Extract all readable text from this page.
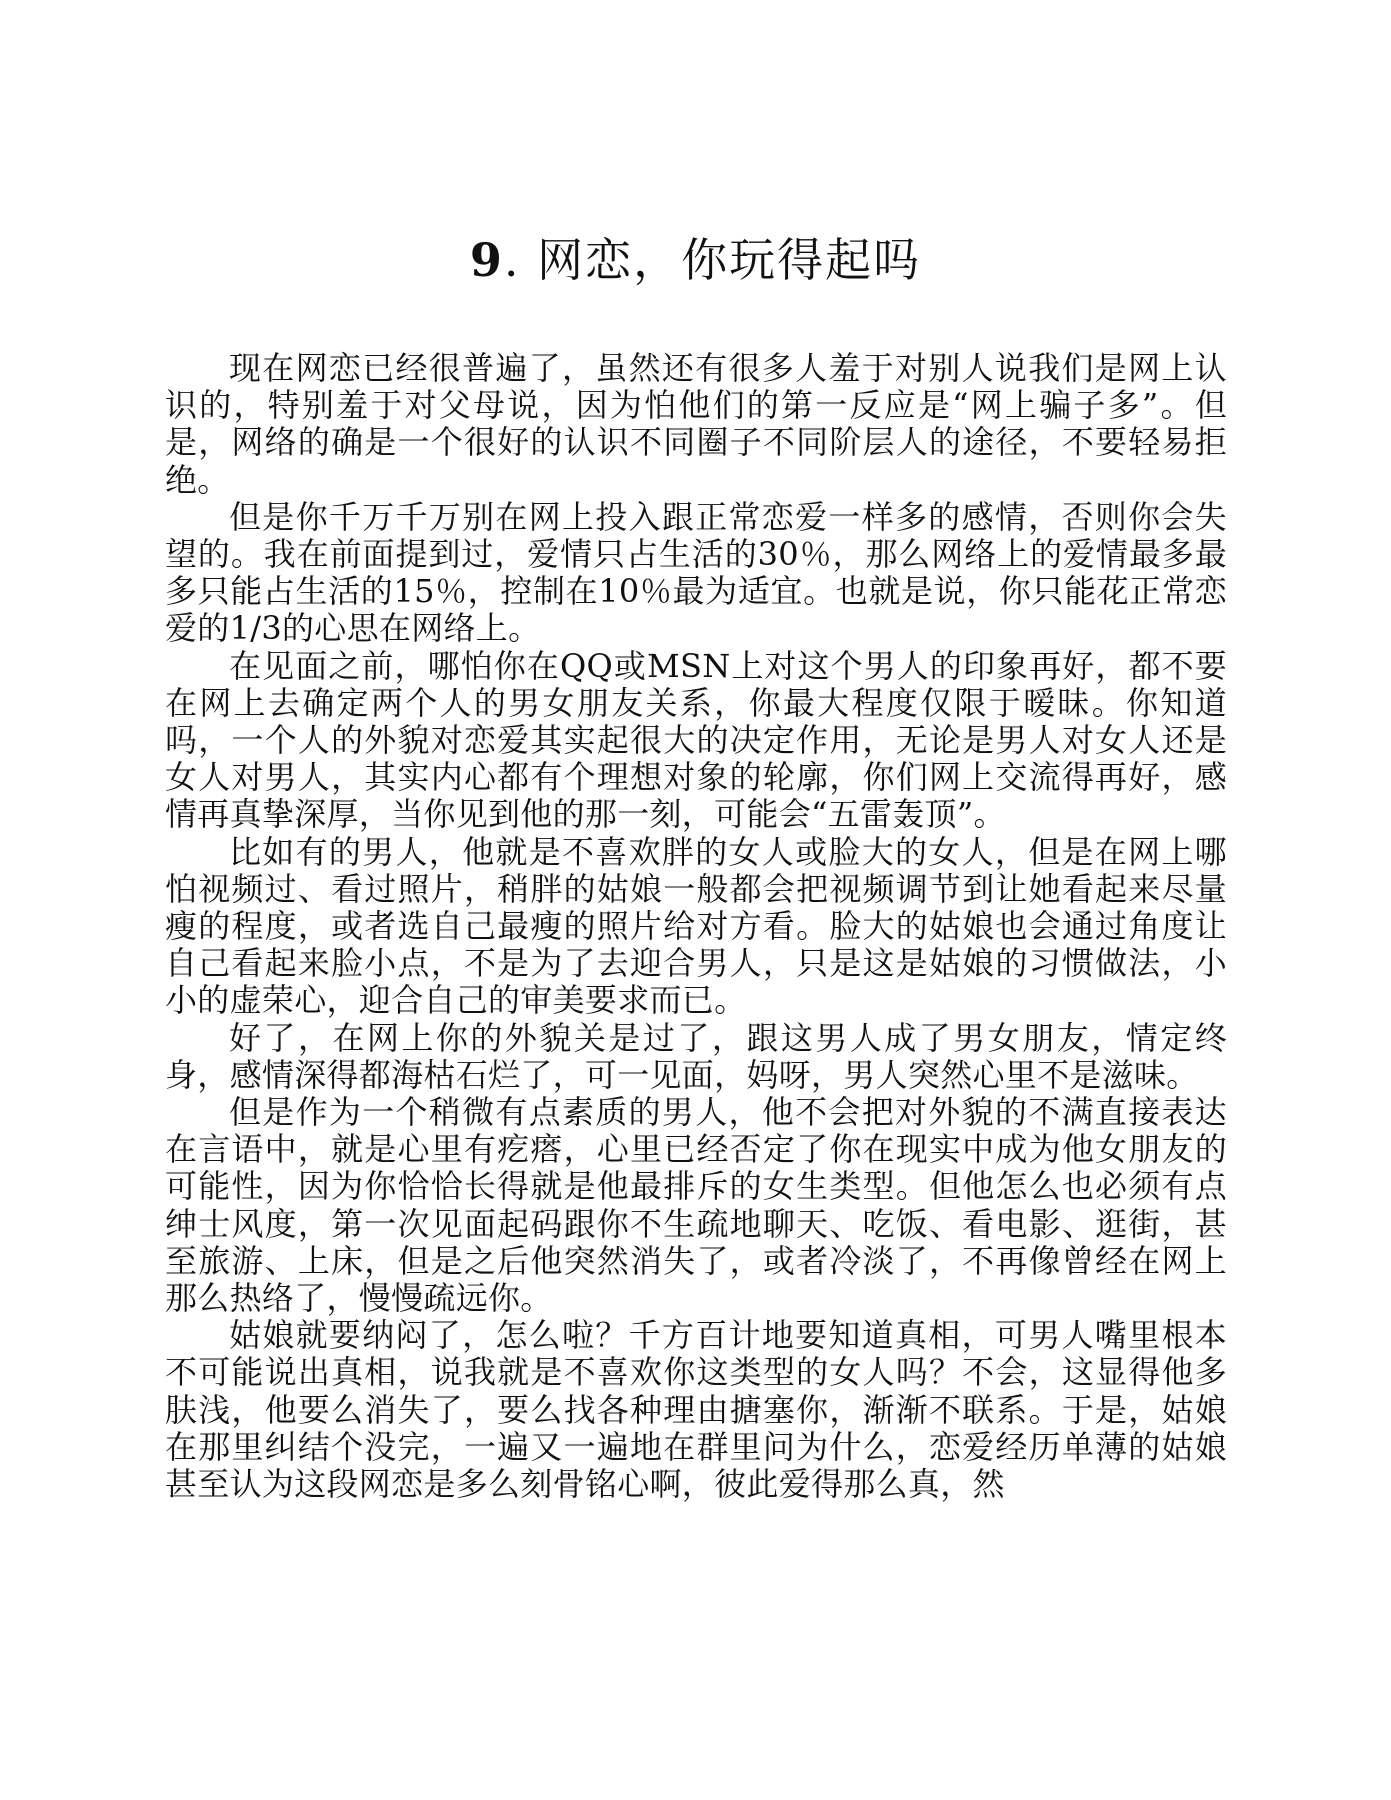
9. 网恋，你玩得起吗

现在网恋已经很普遍了，虽然还有很多人羞于对别人说我们是网上认识的，特别羞于对父母说，因为怕他们的第一反应是“网上骗子多”。但是，网络的确是一个很好的认识不同圈子不同阶层人的途径，不要轻易拒绝。

但是你千万千万别在网上投入跟正常恋爱一样多的感情，否则你会失望的。我在前面提到过，爱情只占生活的30％，那么网络上的爱情最多最多只能占生活的15％，控制在10％最为适宜。也就是说，你只能花正常恋爱的1/3的心思在网络上。

在见面之前，哪怕你在QQ或MSN上对这个男人的印象再好，都不要在网上去确定两个人的男女朋友关系，你最大程度仅限于暧昧。你知道吗，一个人的外貌对恋爱其实起很大的决定作用，无论是男人对女人还是女人对男人，其实内心都有个理想对象的轮廓，你们网上交流得再好，感情再真挚深厚，当你见到他的那一刻，可能会“五雷轰顶”。

比如有的男人，他就是不喜欢胖的女人或脸大的女人，但是在网上哪怕视频过、看过照片，稍胖的姑娘一般都会把视频调节到让她看起来尽量瘦的程度，或者选自己最瘦的照片给对方看。脸大的姑娘也会通过角度让自己看起来脸小点，不是为了去迎合男人，只是这是姑娘的习惯做法，小小的虚荣心，迎合自己的审美要求而已。

好了，在网上你的外貌关是过了，跟这男人成了男女朋友，情定终身，感情深得都海枯石烂了，可一见面，妈呀，男人突然心里不是滋味。

但是作为一个稍微有点素质的男人，他不会把对外貌的不满直接表达在言语中，就是心里有疙瘩，心里已经否定了你在现实中成为他女朋友的可能性，因为你恰恰长得就是他最排斥的女生类型。但他怎么也必须有点绅士风度，第一次见面起码跟你不生疏地聊天、吃饭、看电影、逛街，甚至旅游、上床，但是之后他突然消失了，或者冷淡了，不再像曾经在网上那么热络了，慢慢疏远你。

姑娘就要纳闷了，怎么啦？千方百计地要知道真相，可男人嘴里根本不可能说出真相，说我就是不喜欢你这类型的女人吗？不会，这显得他多肤浅，他要么消失了，要么找各种理由搪塞你，渐渐不联系。于是，姑娘在那里纠结个没完，一遍又一遍地在群里问为什么，恋爱经历单薄的姑娘甚至认为这段网恋是多么刻骨铭心啊，彼此爱得那么真，然
